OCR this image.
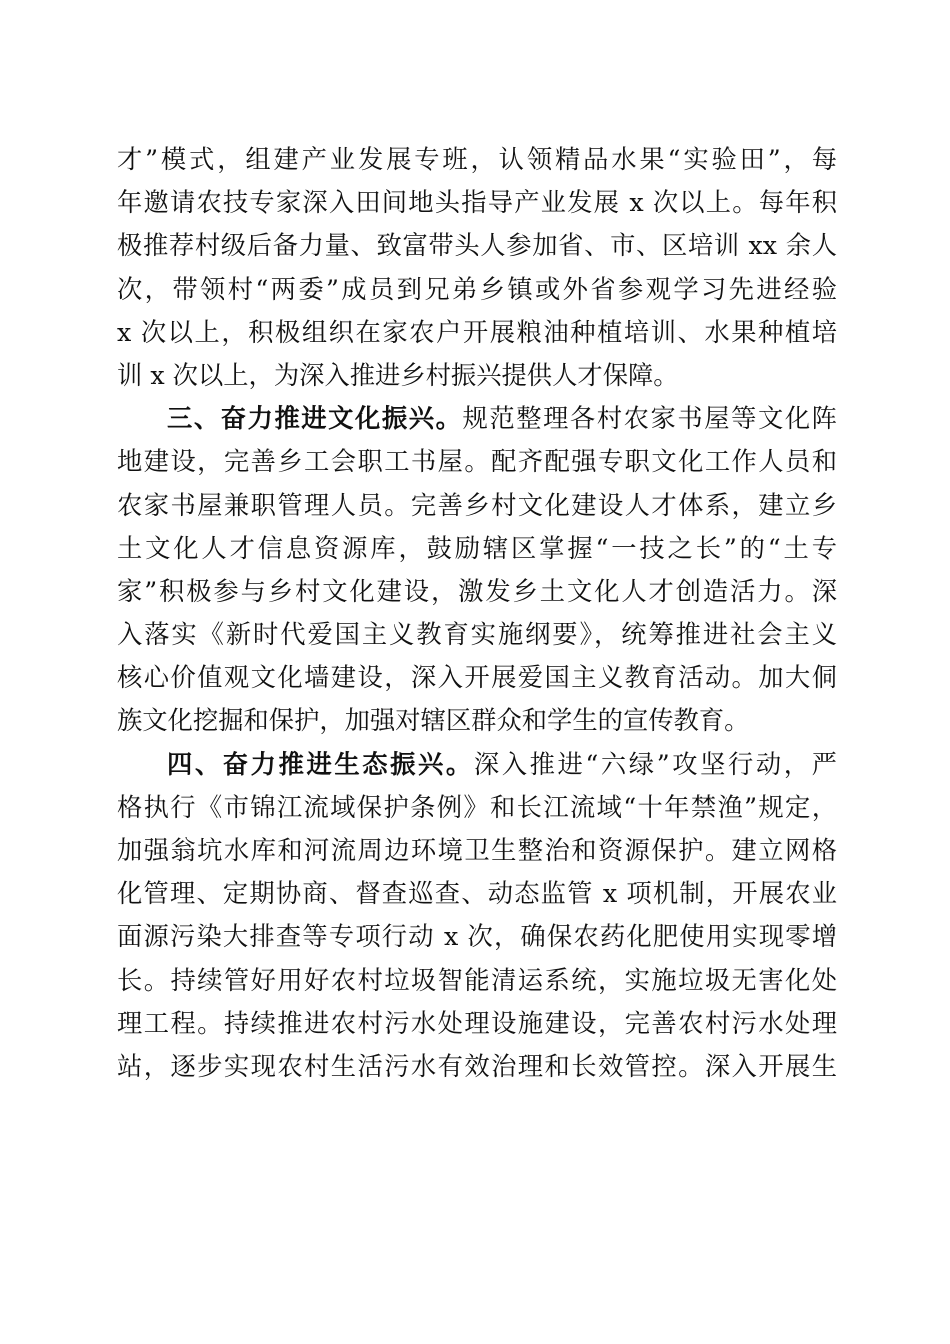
才”模式，组建产业发展专班，认领精品水果“实验田”，每
年邀请农技专家深入田间地头指导产业发展 x 次以上。每年积
极推荐村级后备力量、致富带头人参加省、市、区培训 xx 余人
次，带领村“两委”成员到兄弟乡镇或外省参观学习先进经验
x 次以上，积极组织在家农户开展粮油种植培训、水果种植培
训 x 次以上，为深入推进乡村振兴提供人才保障。
三、奋力推进文化振兴。规范整理各村农家书屋等文化阵
地建设，完善乡工会职工书屋。配齐配强专职文化工作人员和
农家书屋兼职管理人员。完善乡村文化建设人才体系，建立乡
土文化人才信息资源库，鼓励辖区掌握“一技之长”的“土专
家”积极参与乡村文化建设，激发乡土文化人才创造活力。深
入落实《新时代爱国主义教育实施纲要》，统筹推进社会主义
核心价值观文化墙建设，深入开展爱国主义教育活动。加大侗
族文化挖掘和保护，加强对辖区群众和学生的宣传教育。
四、奋力推进生态振兴。深入推进“六绿”攻坚行动，严
格执行《市锦江流域保护条例》和长江流域“十年禁渔”规定，
加强翁坑水库和河流周边环境卫生整治和资源保护。建立网格
化管理、定期协商、督查巡查、动态监管 x 项机制，开展农业
面源污染大排查等专项行动 x 次，确保农药化肥使用实现零增
长。持续管好用好农村垃圾智能清运系统，实施垃圾无害化处
理工程。持续推进农村污水处理设施建设，完善农村污水处理
站，逐步实现农村生活污水有效治理和长效管控。深入开展生
